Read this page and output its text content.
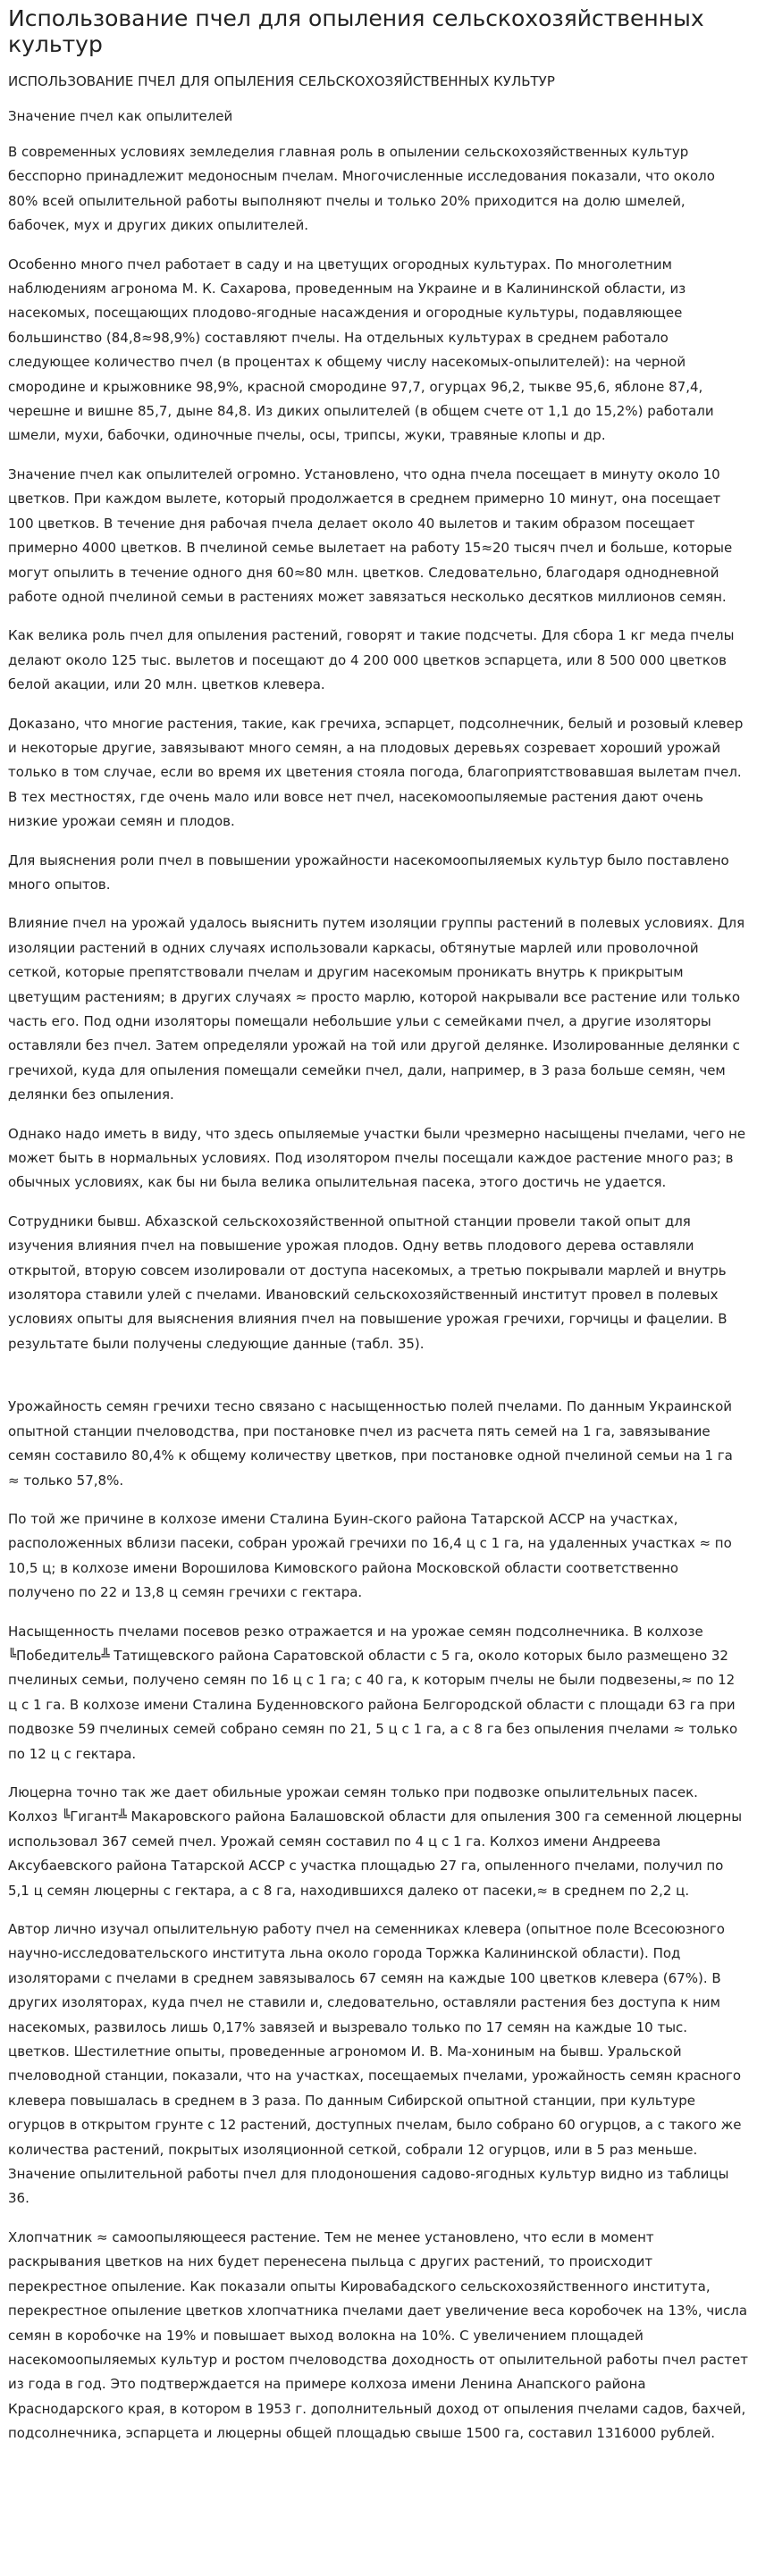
Использование пчел для опыления сельскохозяйственных культур
ИСПОЛЬЗОВАНИЕ ПЧЕЛ ДЛЯ ОПЫЛЕНИЯ СЕЛЬСКОХОЗЯЙСТВЕННЫХ КУЛЬТУР
Значение пчел как опылителей

В современных условиях земледелия главная роль в опылении сельскохозяйственных культур бесспорно принадлежит медоносным пчелам. Многочисленные исследования показали, что около 80% всей опылительной работы выполняют пчелы и только 20% приходится на долю шмелей, бабочек, мух и других диких опылителей.

Особенно много пчел работает в саду и на цветущих огородных культурах. По многолетним наблюдениям агронома М. К. Сахарова, проведенным на Украине и в Калининской области, из насекомых, посещающих плодово-ягодные насаждения и огородные культуры, подавляющее большинство (84,8≈98,9%) составляют пчелы. На отдельных культурах в среднем работало следующее количество пчел (в процентах к общему числу насекомых-опылителей): на черной смородине и крыжовнике 98,9%, красной смородине 97,7, огурцах 96,2, тыкве 95,6, яблоне 87,4, черешне и вишне 85,7, дыне 84,8. Из диких опылителей (в общем счете от 1,1 до 15,2%) работали шмели, мухи, бабочки, одиночные пчелы, осы, трипсы, жуки, травяные клопы и др.

Значение пчел как опылителей огромно. Установлено, что одна пчела посещает в минуту около 10 цветков. При каждом вылете, который продолжается в среднем примерно 10 минут, она посещает 100 цветков. В течение дня рабочая пчела делает около 40 вылетов и таким образом посещает примерно 4000 цветков. В пчелиной семье вылетает на работу 15≈20 тысяч пчел и больше, которые могут опылить в течение одного дня 60≈80 млн. цветков. Следовательно, благодаря однодневной работе одной пчелиной семьи в растениях может завязаться несколько десятков миллионов семян.

Как велика роль пчел для опыления растений, говорят и такие подсчеты. Для сбора 1 кг меда пчелы делают около 125 тыс. вылетов и посещают до 4 200 000 цветков эспарцета, или 8 500 000 цветков белой акации, или 20 млн. цветков клевера.

Доказано, что многие растения, такие, как гречиха, эспарцет, подсолнечник, белый и розовый клевер и некоторые другие, завязывают много семян, а на плодовых деревьях созревает хороший урожай только в том случае, если во время их цветения стояла погода, благоприятствовавшая вылетам пчел. В тех местностях, где очень мало или вовсе нет пчел, насекомоопыляемые растения дают очень низкие урожаи семян и плодов.

Для выяснения роли пчел в повышении урожайности насекомоопыляемых культур было поставлено много опытов.

Влияние пчел на урожай удалось выяснить путем изоляции группы растений в полевых условиях. Для изоляции растений в одних случаях использовали каркасы, обтянутые марлей или проволочной сеткой, которые препятствовали пчелам и другим насекомым проникать внутрь к прикрытым цветущим растениям; в других случаях ≈ просто марлю, которой накрывали все растение или только часть его. Под одни изоляторы помещали небольшие ульи с семейками пчел, а другие изоляторы оставляли без пчел. Затем определяли урожай на той или другой делянке. Изолированные делянки с гречихой, куда для опыления помещали семейки пчел, дали, например, в 3 раза больше семян, чем делянки без опыления.

Однако надо иметь в виду, что здесь опыляемые участки были чрезмерно насыщены пчелами, чего не может быть в нормальных условиях. Под изолятором пчелы посещали каждое растение много раз; в обычных условиях, как бы ни была велика опылительная пасека, этого достичь не удается.

Сотрудники бывш. Абхазской сельскохозяйственной опытной станции провели такой опыт для изучения влияния пчел на повышение урожая плодов. Одну ветвь плодового дерева оставляли открытой, вторую совсем изолировали от доступа насекомых, а третью покрывали марлей и внутрь изолятора ставили улей с пчелами. Ивановский сельскохозяйственный институт провел в полевых условиях опыты для выяснения влияния пчел на повышение урожая гречихи, горчицы и фацелии. В результате были получены следующие данные (табл. 35).

Урожайность семян гречихи тесно связано с насыщенностью полей пчелами. По данным Украинской опытной станции пчеловодства, при постановке пчел из расчета пять семей на 1 га, завязывание семян составило 80,4% к общему количеству цветков, при постановке одной пчелиной семьи на 1 га ≈ только 57,8%.

По той же причине в колхозе имени Сталина Буин-ского района Татарской АССР на участках, расположенных вблизи пасеки, собран урожай гречихи по 16,4 ц с 1 га, на удаленных участках ≈ по 10,5 ц; в колхозе имени Ворошилова Кимовского района Московской области соответственно получено по 22 и 13,8 ц семян гречихи с гектара.

Насыщенность пчелами посевов резко отражается и на урожае семян подсолнечника. В колхозе ╚Победитель╩ Татищевского района Саратовской области с 5 га, около которых было размещено 32 пчелиных семьи, получено семян по 16 ц с 1 га; с 40 га, к которым пчелы не были подвезены,≈ по 12 ц с 1 га. В колхозе имени Сталина Буденновского района Белгородской области с площади 63 га при подвозке 59 пчелиных семей собрано семян по 21, 5 ц с 1 га, а с 8 га без опыления пчелами ≈ только по 12 ц с гектара.

Люцерна точно так же дает обильные урожаи семян только при подвозке опылительных пасек. Колхоз ╚Гигант╩ Макаровского района Балашовской области для опыления 300 га семенной люцерны использовал 367 семей пчел. Урожай семян составил по 4 ц с 1 га. Колхоз имени Андреева Аксубаевского района Татарской АССР с участка площадью 27 га, опыленного пчелами, получил по 5,1 ц семян люцерны с гектара, а с 8 га, находившихся далеко от пасеки,≈ в среднем по 2,2 ц.

Автор лично изучал опылительную работу пчел на семенниках клевера (опытное поле Всесоюзного научно-исследовательского института льна около города Торжка Калининской области). Под изоляторами с пчелами в среднем завязывалось 67 семян на каждые 100 цветков клевера (67%). В других изоляторах, куда пчел не ставили и, следовательно, оставляли растения без доступа к ним насекомых, развилось лишь 0,17% завязей и вызревало только по 17 семян на каждые 10 тыс. цветков. Шестилетние опыты, проведенные агрономом И. В. Ма-хониным на бывш. Уральской пчеловодной станции, показали, что на участках, посещаемых пчелами, урожайность семян красного клевера повышалась в среднем в 3 раза. По данным Сибирской опытной станции, при культуре огурцов в открытом грунте с 12 растений, доступных пчелам, было собрано 60 огурцов, а с такого же количества растений, покрытых изоляционной сеткой, собрали 12 огурцов, или в 5 раз меньше. Значение опылительной работы пчел для плодоношения садово-ягодных культур видно из таблицы 36.

Хлопчатник ≈ самоопыляющееся растение. Тем не менее установлено, что если в момент раскрывания цветков на них будет перенесена пыльца с других растений, то происходит перекрестное опыление. Как показали опыты Кировабадского сельскохозяйственного института, перекрестное опыление цветков хлопчатника пчелами дает увеличение веса коробочек на 13%, числа семян в коробочке на 19% и повышает выход волокна на 10%. С увеличением площадей насекомоопыляемых культур и ростом пчеловодства доходность от опылительной работы пчел растет из года в год. Это подтверждается на примере колхоза имени Ленина Анапского района Краснодарского края, в котором в 1953 г. дополнительный доход от опыления пчелами садов, бахчей, подсолнечника, эспарцета и люцерны общей площадью свыше 1500 га, составил 1316000 рублей.
